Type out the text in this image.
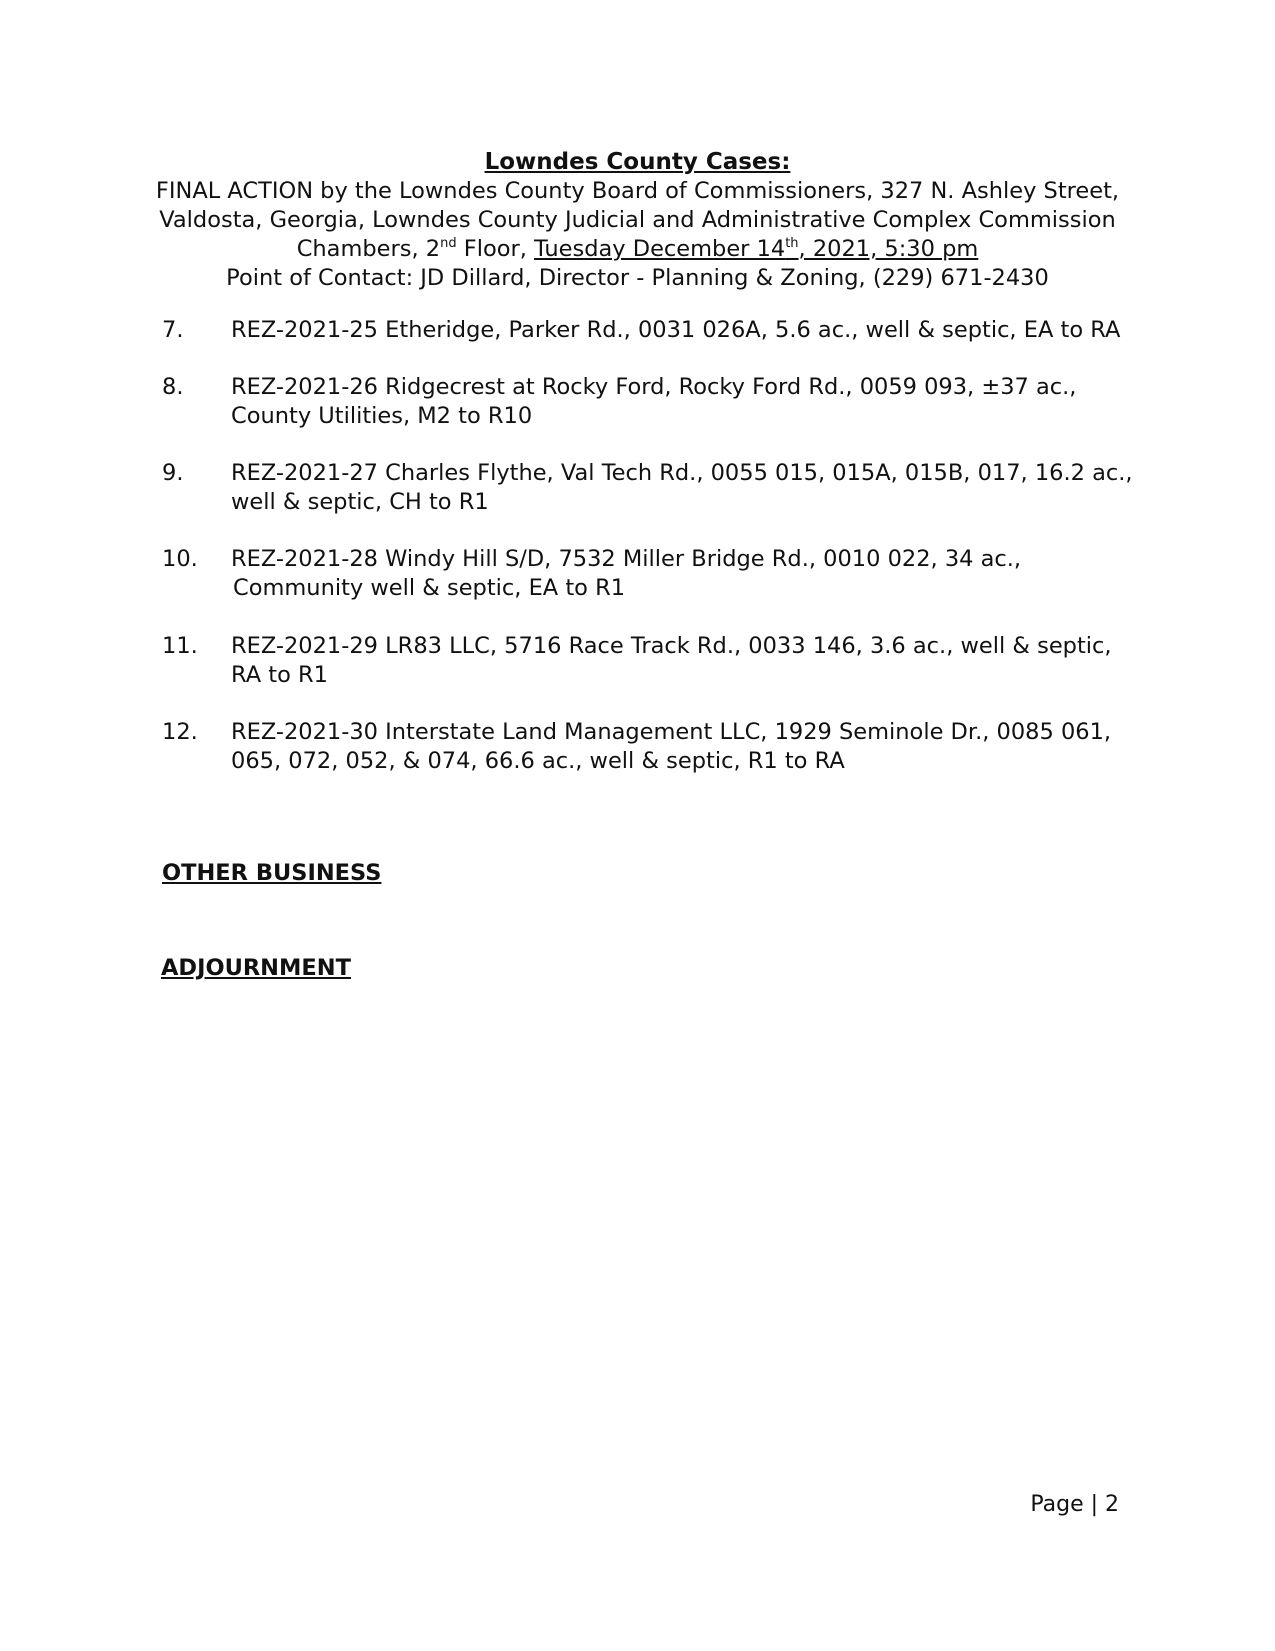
Lowndes County Cases:
FINAL ACTION by the Lowndes County Board of Commissioners, 327 N. Ashley Street,
Valdosta, Georgia, Lowndes County Judicial and Administrative Complex Commission
Chambers, 2nd Floor, Tuesday December 14th, 2021, 5:30 pm
Point of Contact: JD Dillard, Director - Planning & Zoning, (229) 671-2430
7. REZ-2021-25 Etheridge, Parker Rd., 0031 026A, 5.6 ac., well & septic, EA to RA
8. REZ-2021-26 Ridgecrest at Rocky Ford, Rocky Ford Rd., 0059 093, ±37 ac.,
County Utilities, M2 to R10
9. REZ-2021-27 Charles Flythe, Val Tech Rd., 0055 015, 015A, 015B, 017, 16.2 ac.,
well & septic, CH to R1
10. REZ-2021-28 Windy Hill S/D, 7532 Miller Bridge Rd., 0010 022, 34 ac.,
Community well & septic, EA to R1
11. REZ-2021-29 LR83 LLC, 5716 Race Track Rd., 0033 146, 3.6 ac., well & septic,
RA to R1
12. REZ-2021-30 Interstate Land Management LLC, 1929 Seminole Dr., 0085 061,
065, 072, 052, & 074, 66.6 ac., well & septic, R1 to RA
OTHER BUSINESS
ADJOURNMENT
Page | 2
